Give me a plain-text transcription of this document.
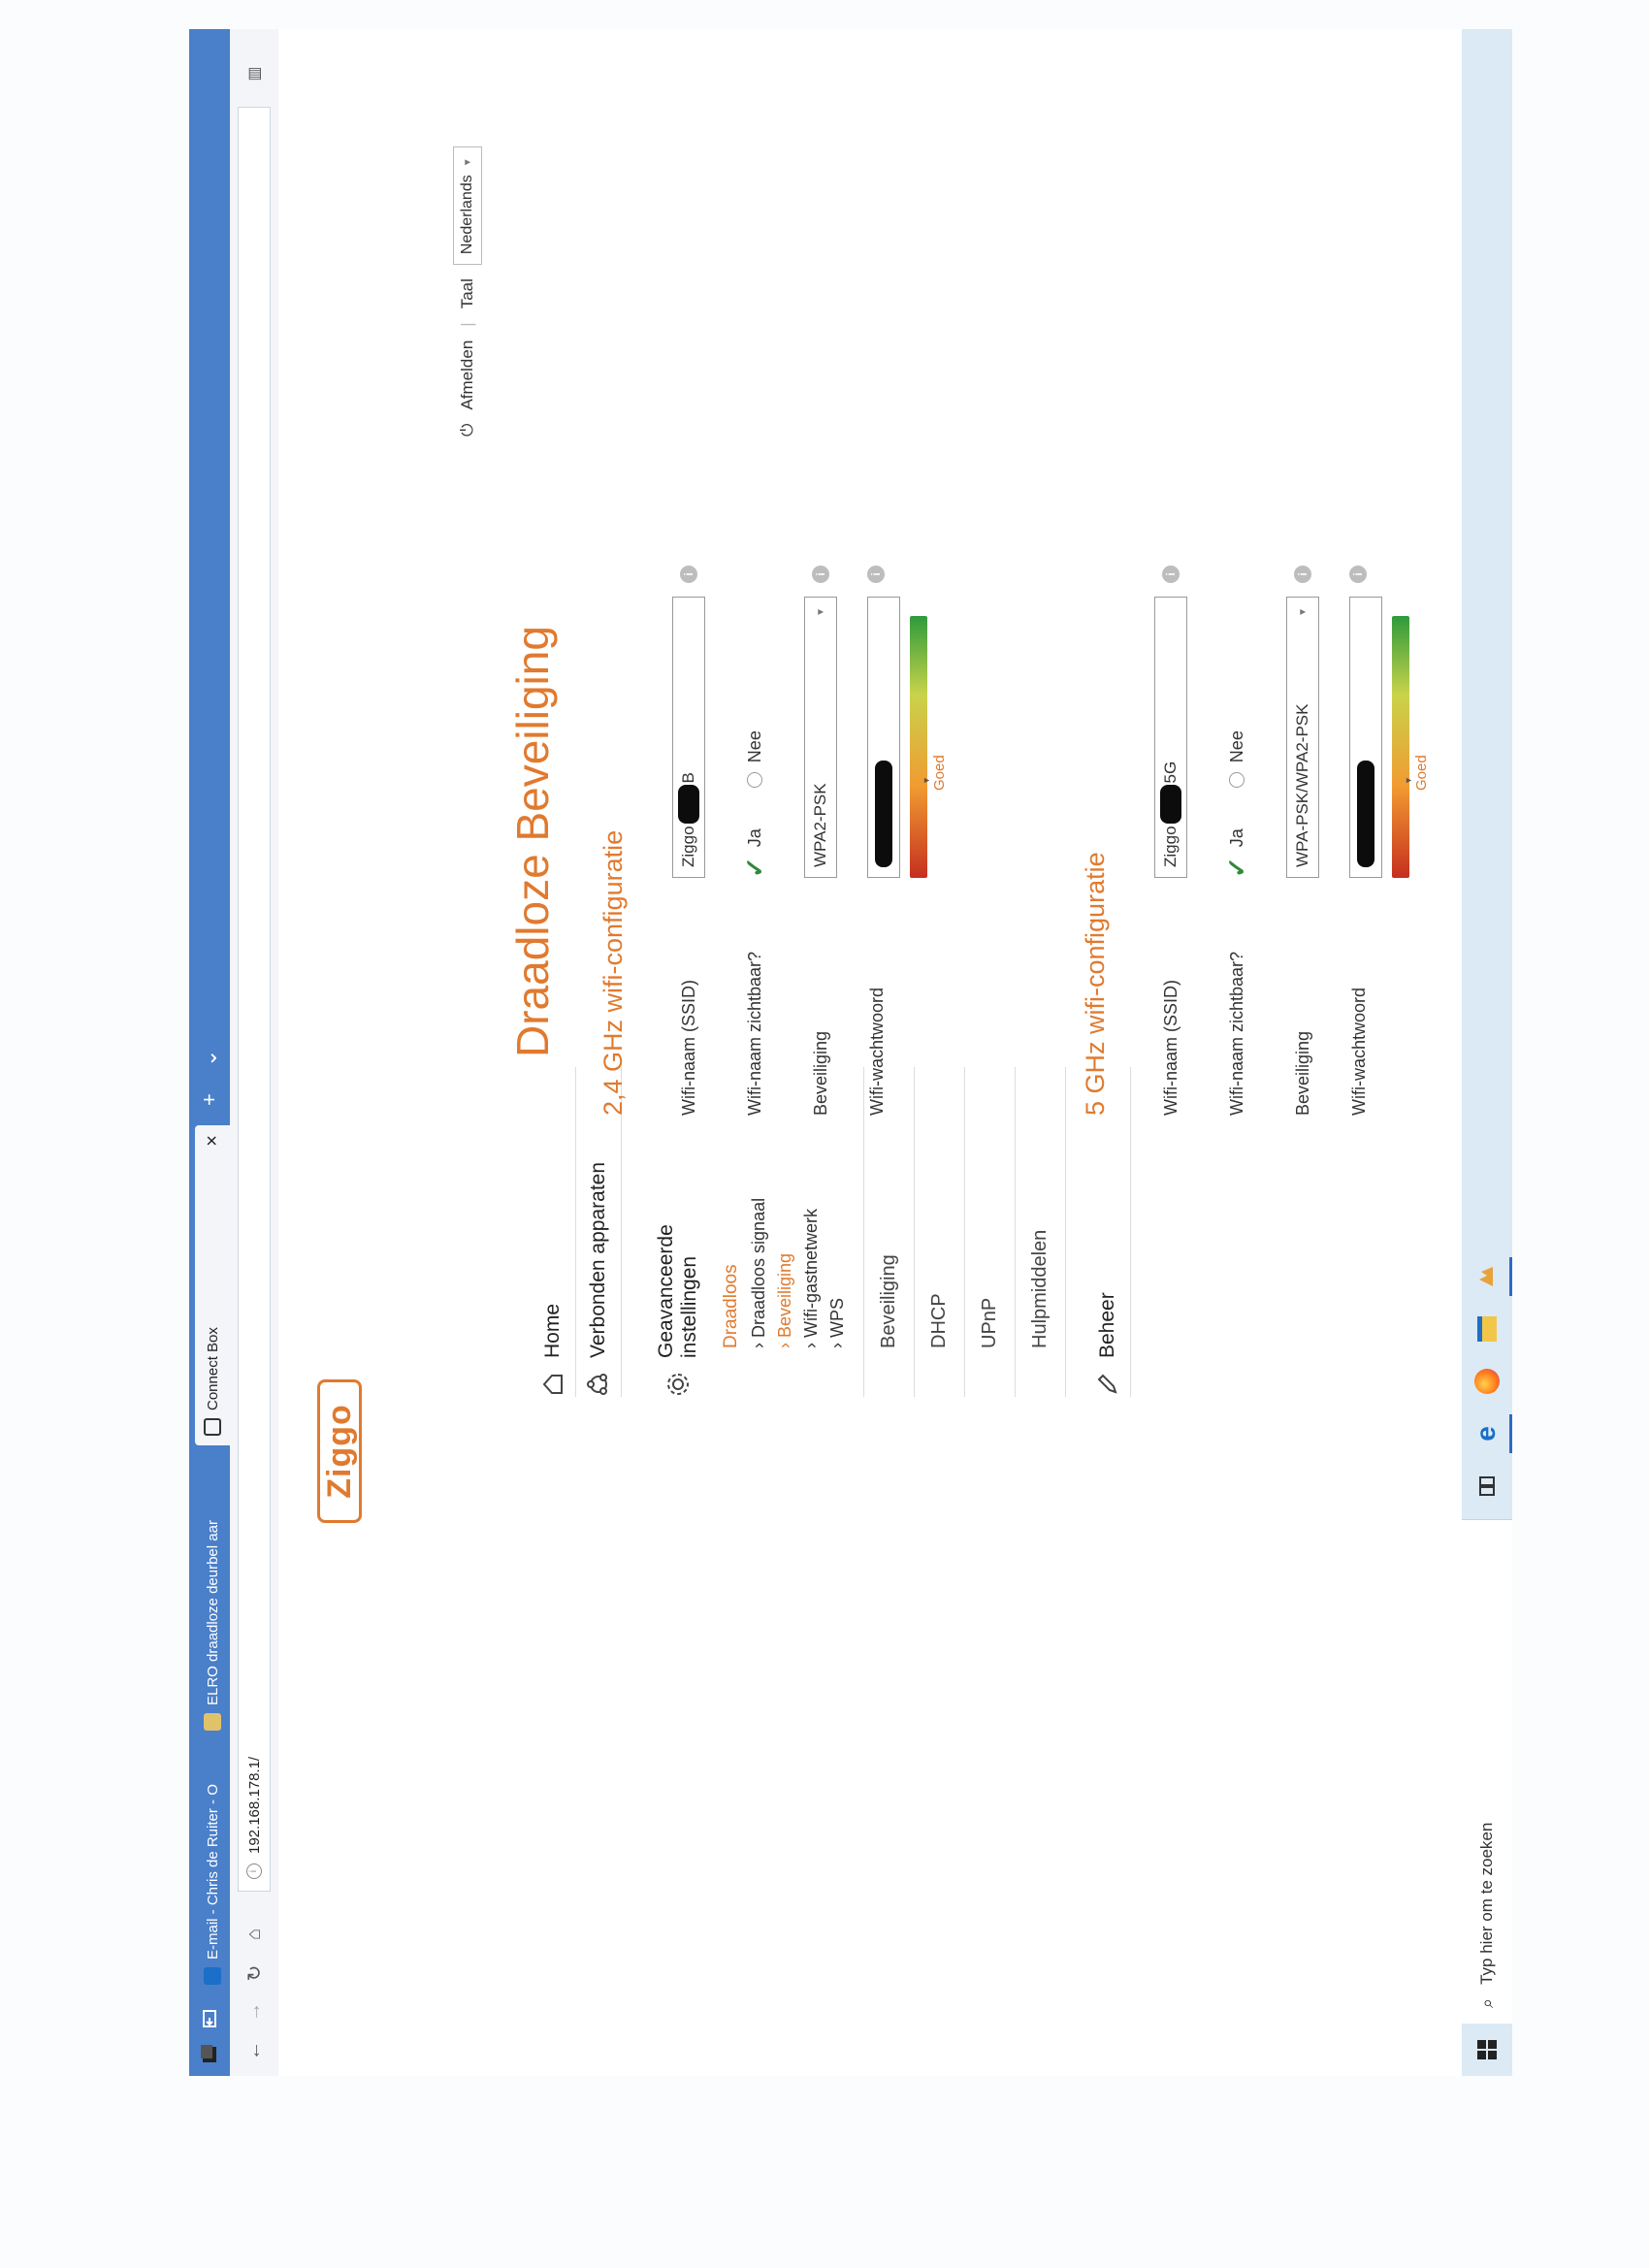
E-mail - Chris de Ruiter - O
ELRO draadloze deurbel aar
Connect Box
×
+
⌄
←
→
↻
⌂
i
192.168.178.1/
▥
Ziggo
⏻
Afmelden
|
Taal
Nederlands
▼
Home Verbonden apparaten Geavanceerde instellingen	Draadloos › Draadloos signaal
› Beveiliging
› Wifi-gastnetwerk
› WPS	Beveiliging	DHCP	UPnP	Hulpmiddelen	Beheer
Draadloze Beveiliging 2,4 GHz wifi-configuratie	Wifi-naam (SSID)
Ziggo
B
i
Wifi-naam zichtbaar?
✓
Ja
Nee
Beveiliging
WPA2-PSK
▼
i
Wifi-wachtwoord
▼ Goed
i
5 GHz wifi-configuratie	Wifi-naam (SSID)
Ziggo
5G
i
Wifi-naam zichtbaar?
✓
Ja
Nee
Beveiliging
WPA-PSK/WPA2-PSK
▼
i
Wifi-wachtwoord
▼ Goed
i
⌕
Typ hier om te zoeken
e
